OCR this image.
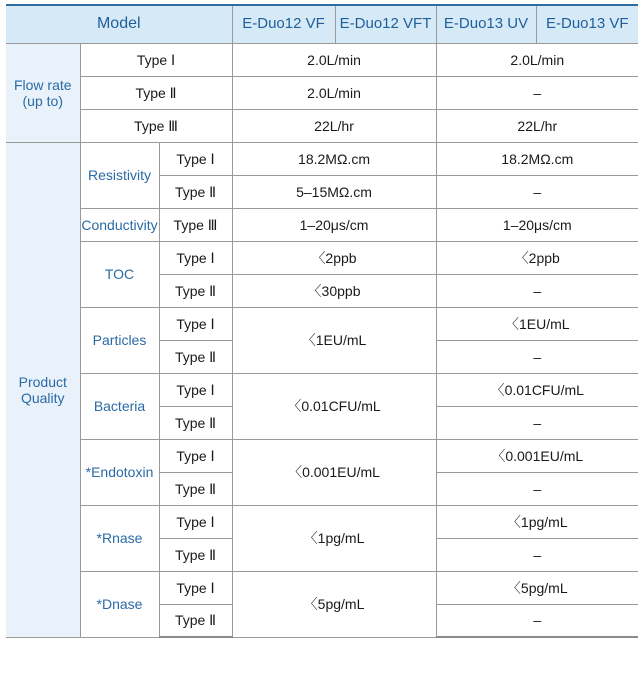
Model			E-Duo12 VF	E-Duo12 VFT	E-Duo13 UV	E-Duo13 VF
Flow rate (up to)	Type Ⅰ		2.0L/min		2.0L/min	
	Type Ⅱ		2.0L/min		–	
	Type Ⅲ		22L/hr		22L/hr	
Product Quality	Resistivity	Type Ⅰ	18.2MΩ.cm		18.2MΩ.cm	
		Type Ⅱ	5–15MΩ.cm		–	
	Conductivity	Type Ⅲ	1–20μs/cm		1–20μs/cm	
	TOC	Type Ⅰ	〈2ppb		〈2ppb	
		Type Ⅱ	〈30ppb		–	
	Particles	Type Ⅰ	〈1EU/mL		〈1EU/mL	
		Type Ⅱ			–	
	Bacteria	Type Ⅰ	〈0.01CFU/mL		〈0.01CFU/mL	
		Type Ⅱ			–	
	*Endotoxin	Type Ⅰ	〈0.001EU/mL		〈0.001EU/mL	
		Type Ⅱ			–	
	*Rnase	Type Ⅰ	〈1pg/mL		〈1pg/mL	
		Type Ⅱ			–	
	*Dnase	Type Ⅰ	〈5pg/mL		〈5pg/mL	
		Type Ⅱ			–	
